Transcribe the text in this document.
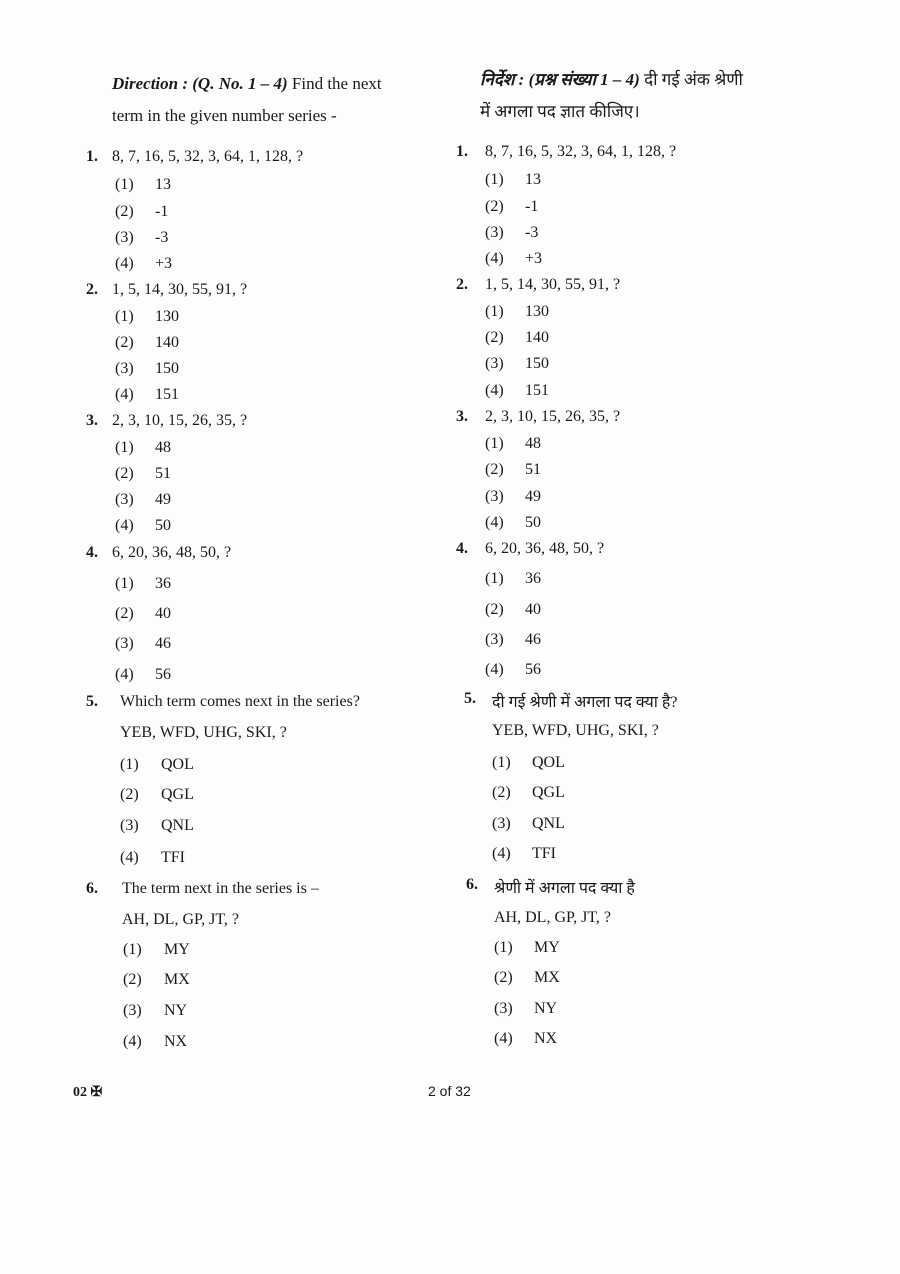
Direction : (Q. No. 1 – 4) Find the next
term in the given number series -
1. 8, 7, 16, 5, 32, 3, 64, 1, 128, ?
(1) 13
(2) -1
(3) -3
(4) +3
2. 1, 5, 14, 30, 55, 91, ?
(1) 130
(2) 140
(3) 150
(4) 151
3. 2, 3, 10, 15, 26, 35, ?
(1) 48
(2) 51
(3) 49
(4) 50
4. 6, 20, 36, 48, 50, ?
(1) 36
(2) 40
(3) 46
(4) 56
5. Which term comes next in the series?
YEB, WFD, UHG, SKI, ?
(1) QOL
(2) QGL
(3) QNL
(4) TFI
6. The term next in the series is –
AH, DL, GP, JT, ?
(1) MY
(2) MX
(3) NY
(4) NX
निर्देश : (प्रश्न संख्या 1 – 4) दी गई अंक श्रेणी
में अगला पद ज्ञात कीजिए।
1. 8, 7, 16, 5, 32, 3, 64, 1, 128, ?
(1) 13
(2) -1
(3) -3
(4) +3
2. 1, 5, 14, 30, 55, 91, ?
(1) 130
(2) 140
(3) 150
(4) 151
3. 2, 3, 10, 15, 26, 35, ?
(1) 48
(2) 51
(3) 49
(4) 50
4. 6, 20, 36, 48, 50, ?
(1) 36
(2) 40
(3) 46
(4) 56
5. दी गई श्रेणी में अगला पद क्या है?
YEB, WFD, UHG, SKI, ?
(1) QOL
(2) QGL
(3) QNL
(4) TFI
6. श्रेणी में अगला पद क्या है
AH, DL, GP, JT, ?
(1) MY
(2) MX
(3) NY
(4) NX
02 ✠	2 of 32
